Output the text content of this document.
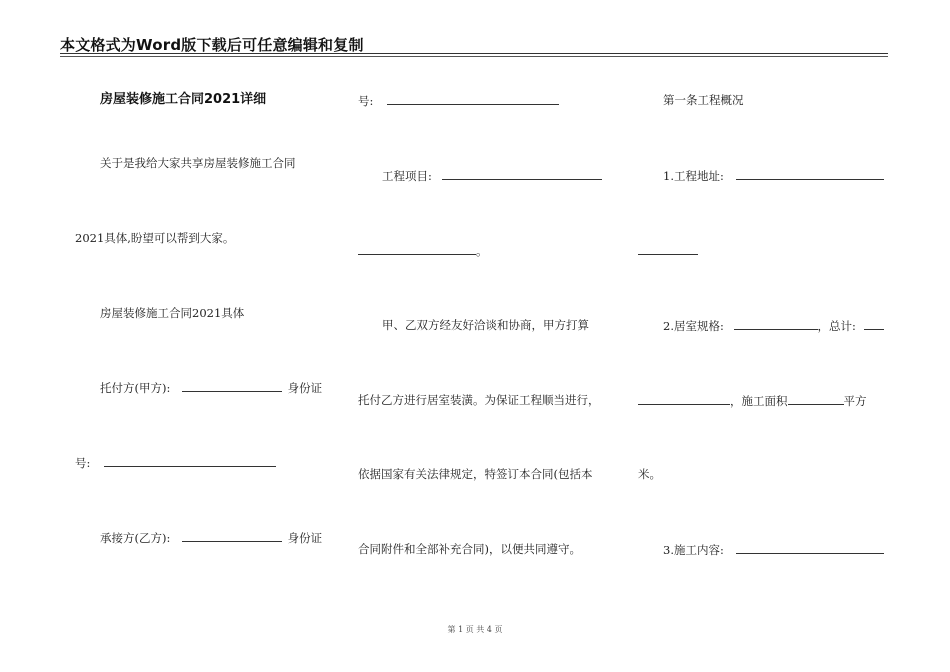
本文格式为Word版下载后可任意编辑和复制
房屋装修施工合同2021详细
关于是我给大家共享房屋装修施工合同
2021具体,盼望可以帮到大家。
房屋装修施工合同2021具体
托付方(甲方):	身份证
号:
承接方(乙方):	身份证
号:
工程项目:
。
甲、乙双方经友好洽谈和协商，甲方打算
托付乙方进行居室装潢。为保证工程顺当进行，
依据国家有关法律规定，特签订本合同(包括本
合同附件和全部补充合同)，以便共同遵守。
第一条工程概况
1.工程地址:
2.居室规格:	，总计:
，施工面积	平方
米。
3.施工内容:
第 1 页 共 4 页
